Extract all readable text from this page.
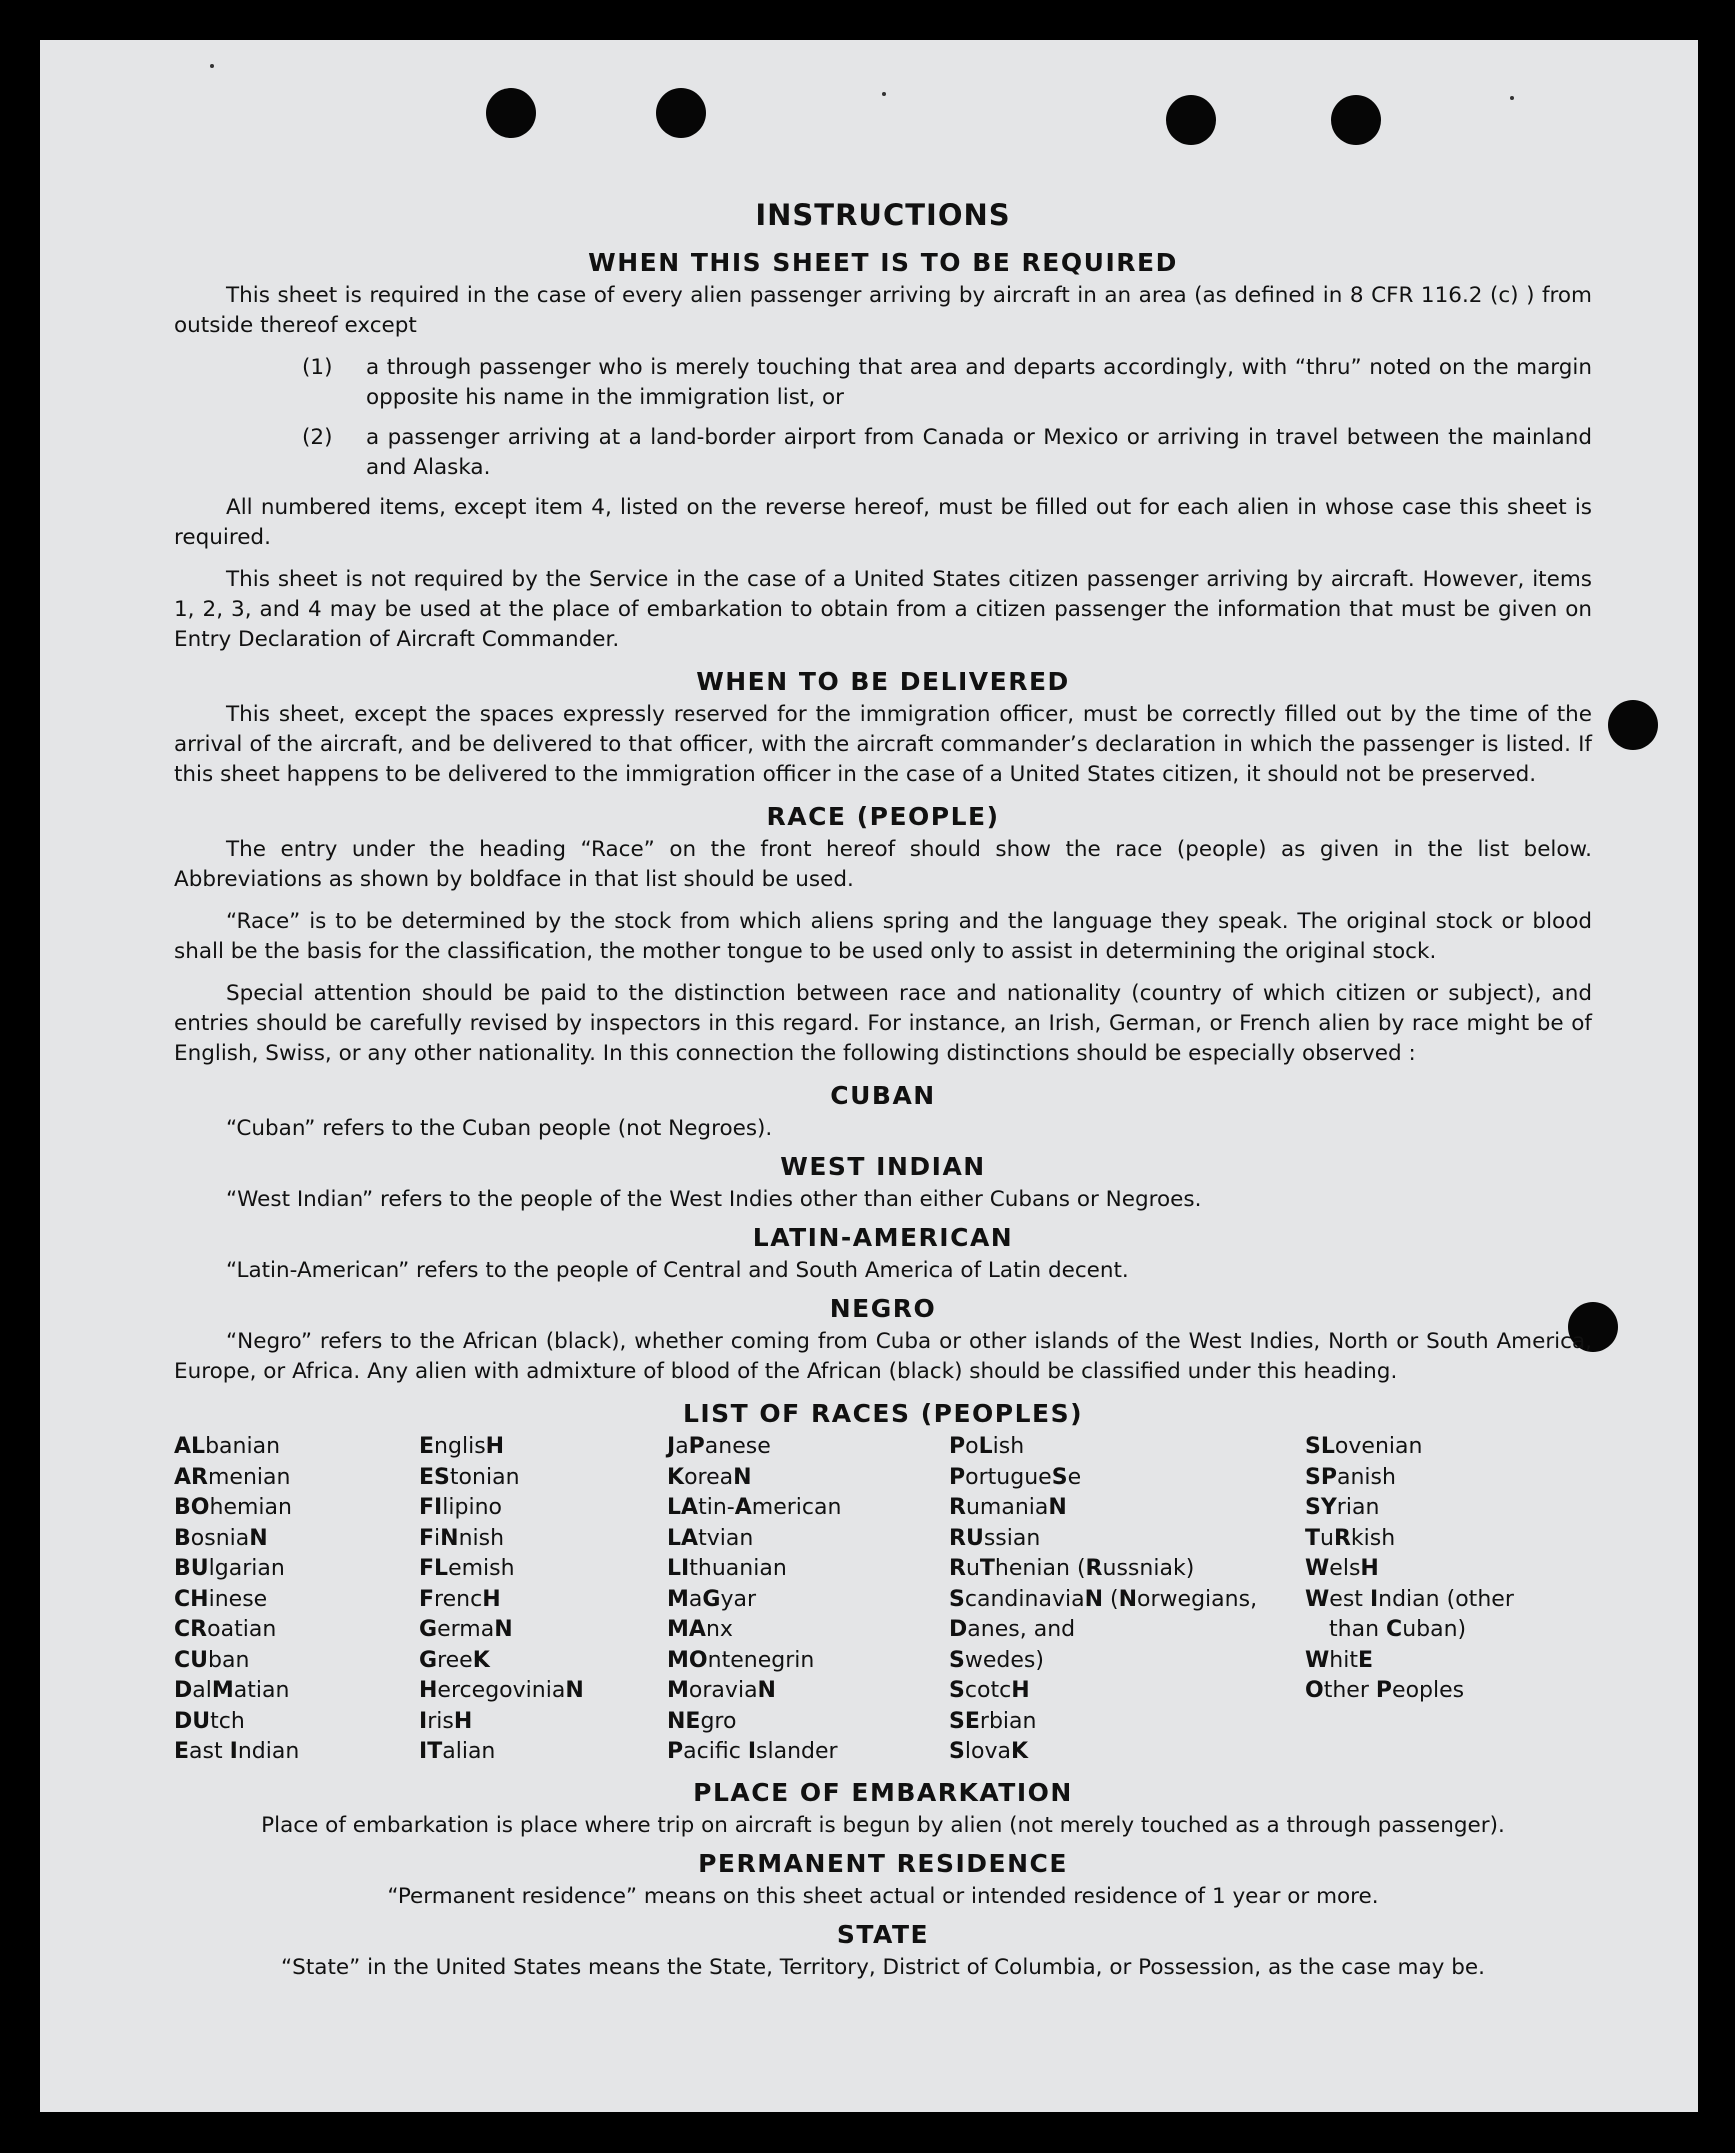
INSTRUCTIONS
WHEN THIS SHEET IS TO BE REQUIRED

This sheet is required in the case of every alien passenger arriving by aircraft in an area (as defined in 8 CFR 116.2 (c) ) from outside thereof except

(1)	a through passenger who is merely touching that area and departs accordingly, with “thru” noted on the margin opposite his name in the immigration list, or
(2)	a passenger arriving at a land-border airport from Canada or Mexico or arriving in travel between the mainland and Alaska.

All numbered items, except item 4, listed on the reverse hereof, must be filled out for each alien in whose case this sheet is required.

This sheet is not required by the Service in the case of a United States citizen passenger arriving by aircraft. However, items 1, 2, 3, and 4 may be used at the place of embarkation to obtain from a citizen passenger the information that must be given on Entry Declaration of Aircraft Commander.

WHEN TO BE DELIVERED

This sheet, except the spaces expressly reserved for the immigration officer, must be correctly filled out by the time of the arrival of the aircraft, and be delivered to that officer, with the aircraft commander’s declaration in which the passenger is listed. If this sheet happens to be delivered to the immigration officer in the case of a United States citizen, it should not be preserved.

RACE (PEOPLE)

The entry under the heading “Race” on the front hereof should show the race (people) as given in the list below. Abbreviations as shown by boldface in that list should be used.

“Race” is to be determined by the stock from which aliens spring and the language they speak. The original stock or blood shall be the basis for the classification, the mother tongue to be used only to assist in determining the original stock.

Special attention should be paid to the distinction between race and nationality (country of which citizen or subject), and entries should be carefully revised by inspectors in this regard. For instance, an Irish, German, or French alien by race might be of English, Swiss, or any other nationality. In this connection the following distinctions should be especially observed :

CUBAN
“Cuban” refers to the Cuban people (not Negroes).
WEST INDIAN
“West Indian” refers to the people of the West Indies other than either Cubans or Negroes.
LATIN-AMERICAN
“Latin-American” refers to the people of Central and South America of Latin decent.
NEGRO

“Negro” refers to the African (black), whether coming from Cuba or other islands of the West Indies, North or South America, Europe, or Africa. Any alien with admixture of blood of the African (black) should be classified under this heading.

LIST OF RACES (PEOPLES)
ALbanian
ARmenian
BOhemian
BosniaN
BUlgarian
CHinese
CRoatian
CUban
DalMatian
DUtch
East Indian
EnglisH
EStonian
FIlipino
FiNnish
FLemish
FrencH
GermaN
GreeK
HercegoviniaN
IrisH
ITalian
JaPanese
KoreaN
LAtin-American
LAtvian
LIthuanian
MaGyar
MAnx
MOntenegrin
MoraviaN
NEgro
Pacifc Islander
PoLish
PortugueSe
RumaniaN
RUssian
RuThenian (Russniak)
ScandinaviaN (Norwegians,
Danes, and
Swedes)
ScotcH
SErbian
SlovaK
SLovenian
SPanish
SYrian
TuRkish
WelsH
West Indian (other
than Cuban)
WhitE
Other Peoples
PLACE OF EMBARKATION
Place of embarkation is place where trip on aircraft is begun by alien (not merely touched as a through passenger).
PERMANENT RESIDENCE
“Permanent residence” means on this sheet actual or intended residence of 1 year or more.
STATE
“State” in the United States means the State, Territory, District of Columbia, or Possession, as the case may be.
